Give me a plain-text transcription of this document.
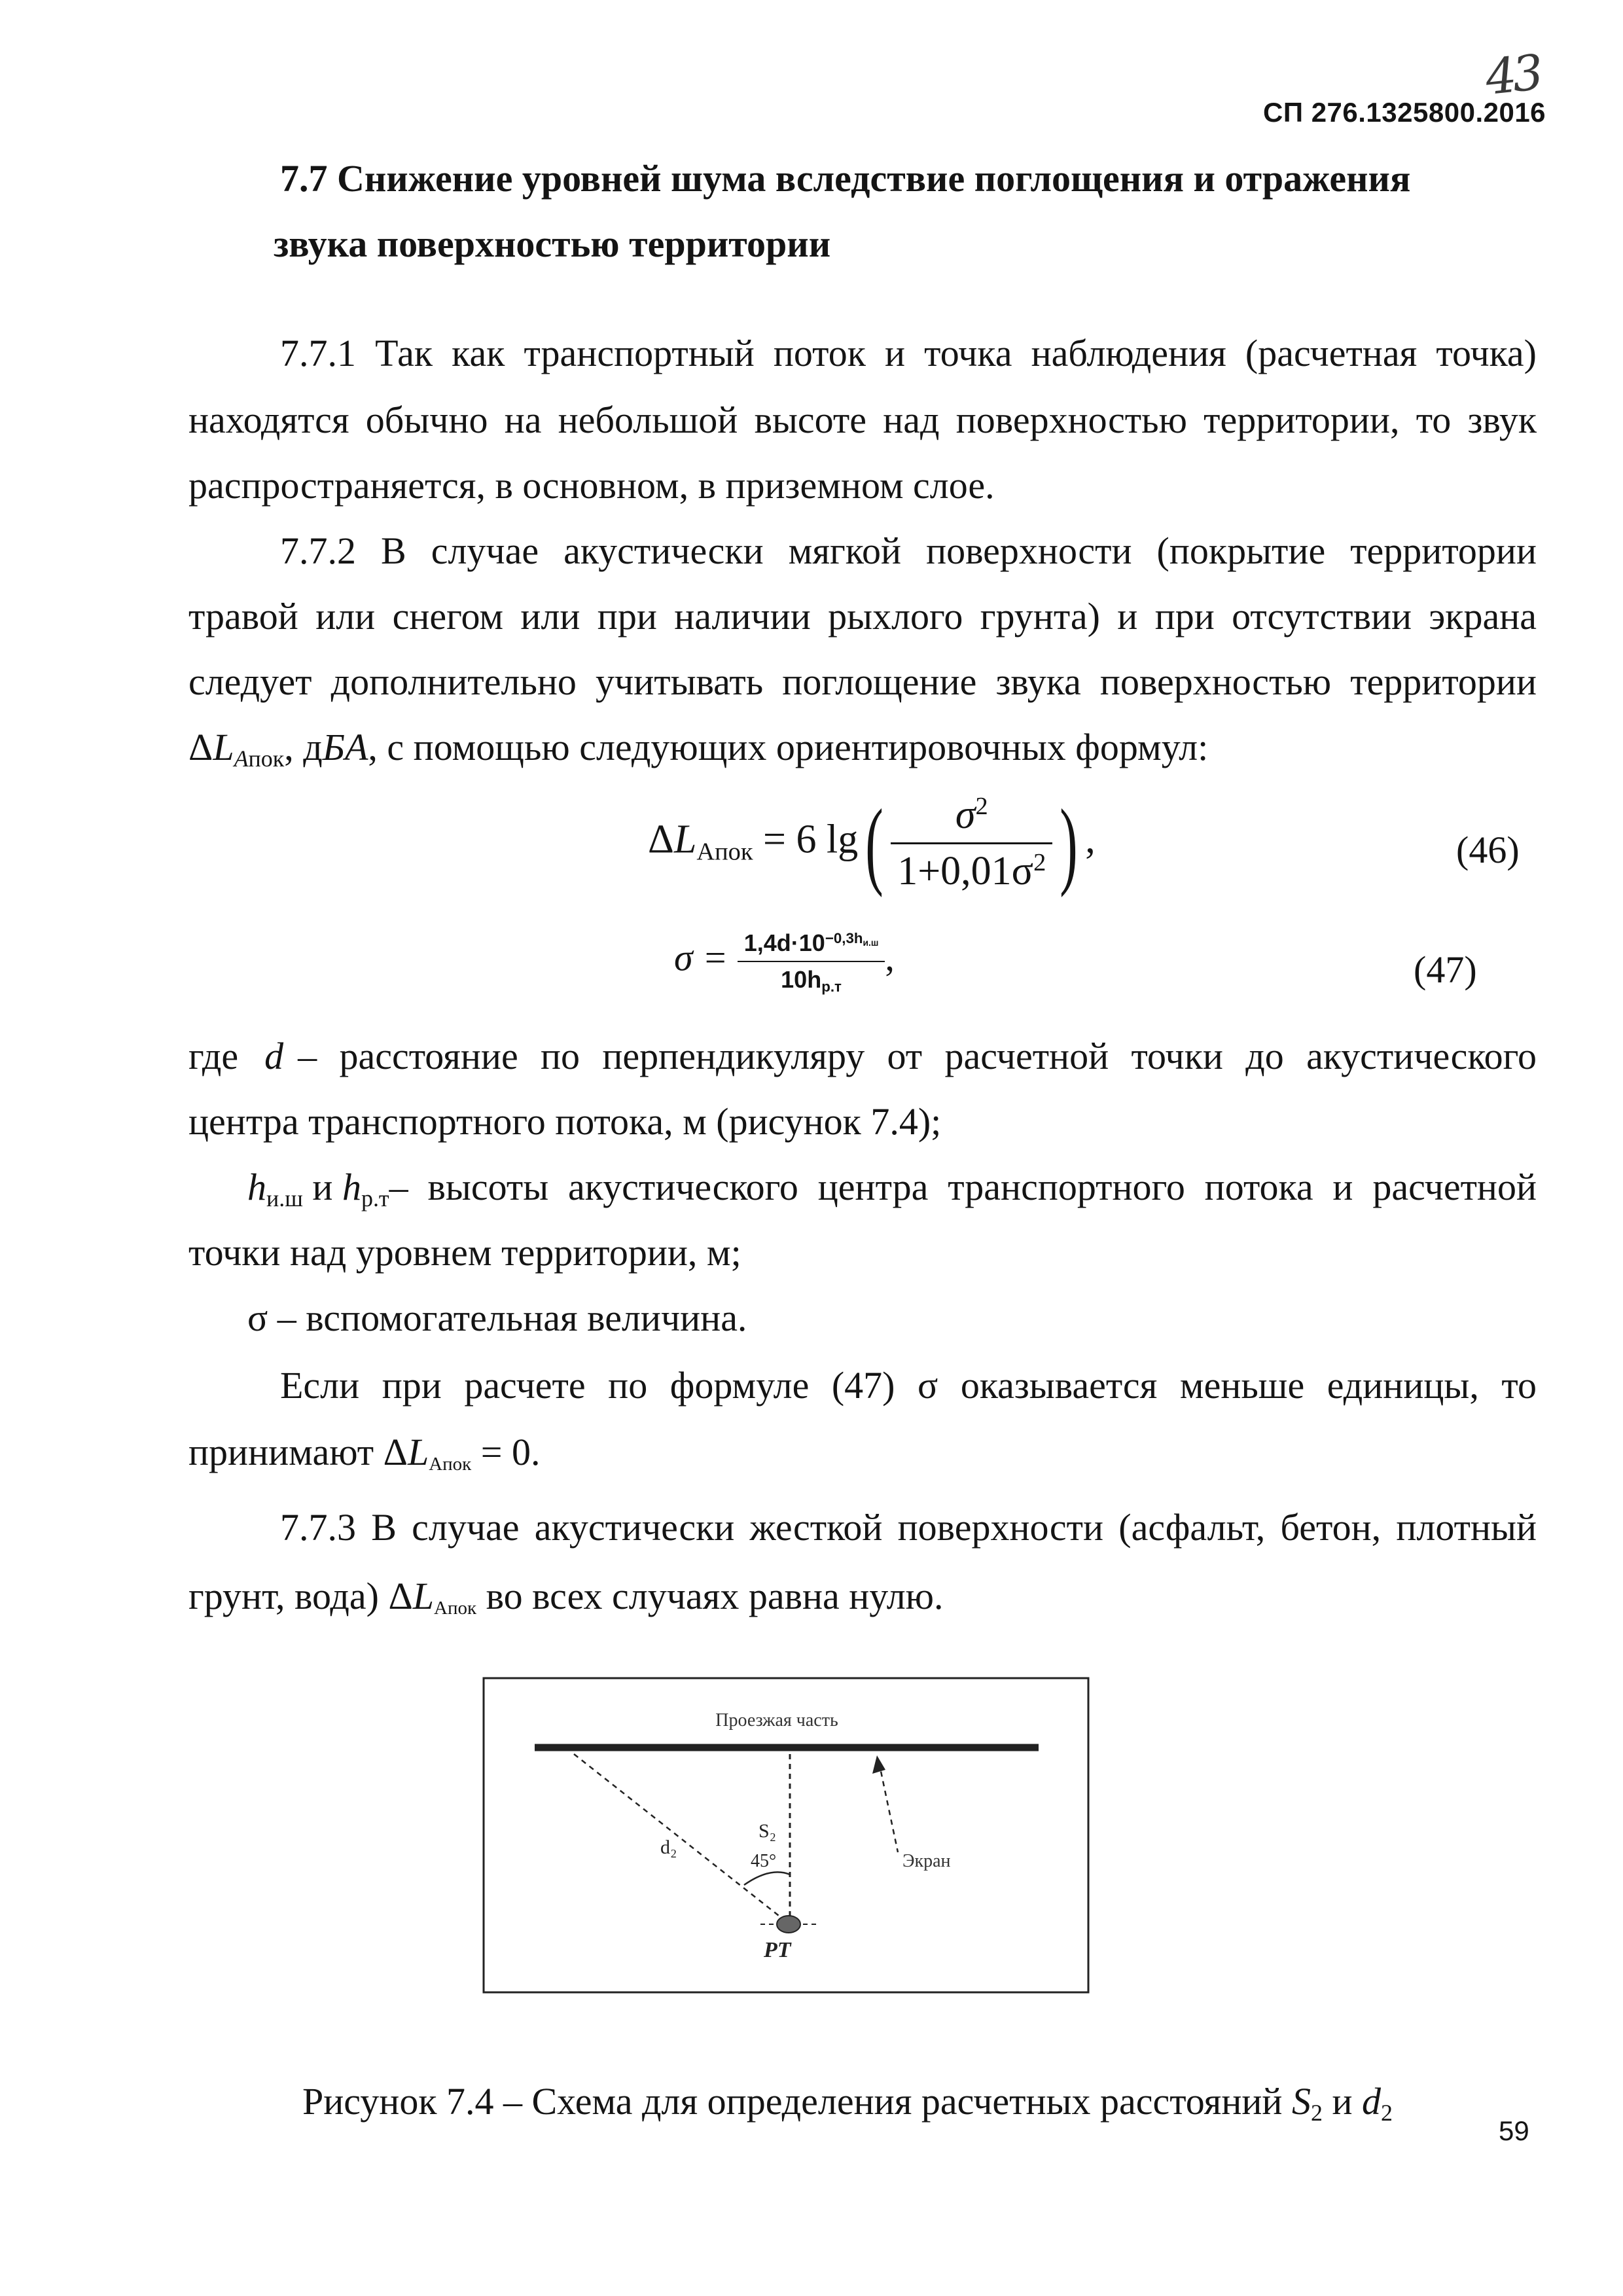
43
СП 276.1325800.2016
7.7 Снижение уровней шума вследствие поглощения и отражения
звука поверхностью территории
7.7.1 Так как транспортный поток и точка наблюдения (расчетная точка)
находятся обычно на небольшой высоте над поверхностью территории, то звук
распространяется, в основном, в приземном слое.
7.7.2 В случае акустически мягкой поверхности (покрытие территории
травой или снегом или при наличии рыхлого грунта) и при отсутствии экрана
следует дополнительно учитывать поглощение звука поверхностью территории
$\Delta L_{Aпок}$, дБA, с помощью следующих ориентировочных формул:
$\Delta L_{Aпок} = 6$ $\lg( \frac{\sigma^2}{1+0,01\sigma^2}$ ) ,	(46)
$\sigma = \frac{1,4d\cdot 10^{-0,3h_{и.ш}}}{10h_{р.т}}$ ,	(47)
где d – расстояние по перпендикуляру от расчетной точки до акустического
центра транспортного потока, м (рисунок 7.4);
$h_{и.ш}$ и $h_{р.т}$ – высоты акустического центра транспортного потока и расчетной
точки над уровнем территории, м;
σ – вспомогательная величина.
Если при расчете по формуле (47) σ оказывается меньше единицы, то
принимают $\Delta L_{Aпок} = 0$.
7.7.3 В случае акустически жесткой поверхности (асфальт, бетон, плотный
грунт, вода) $\Delta L_{Aпок}$ во всех случаях равна нулю.
Проезжая часть
S₂
d₂
45°	Экран
PT
Рисунок 7.4 – Схема для определения расчетных расстояний $S_2$ и $d_2$
59
